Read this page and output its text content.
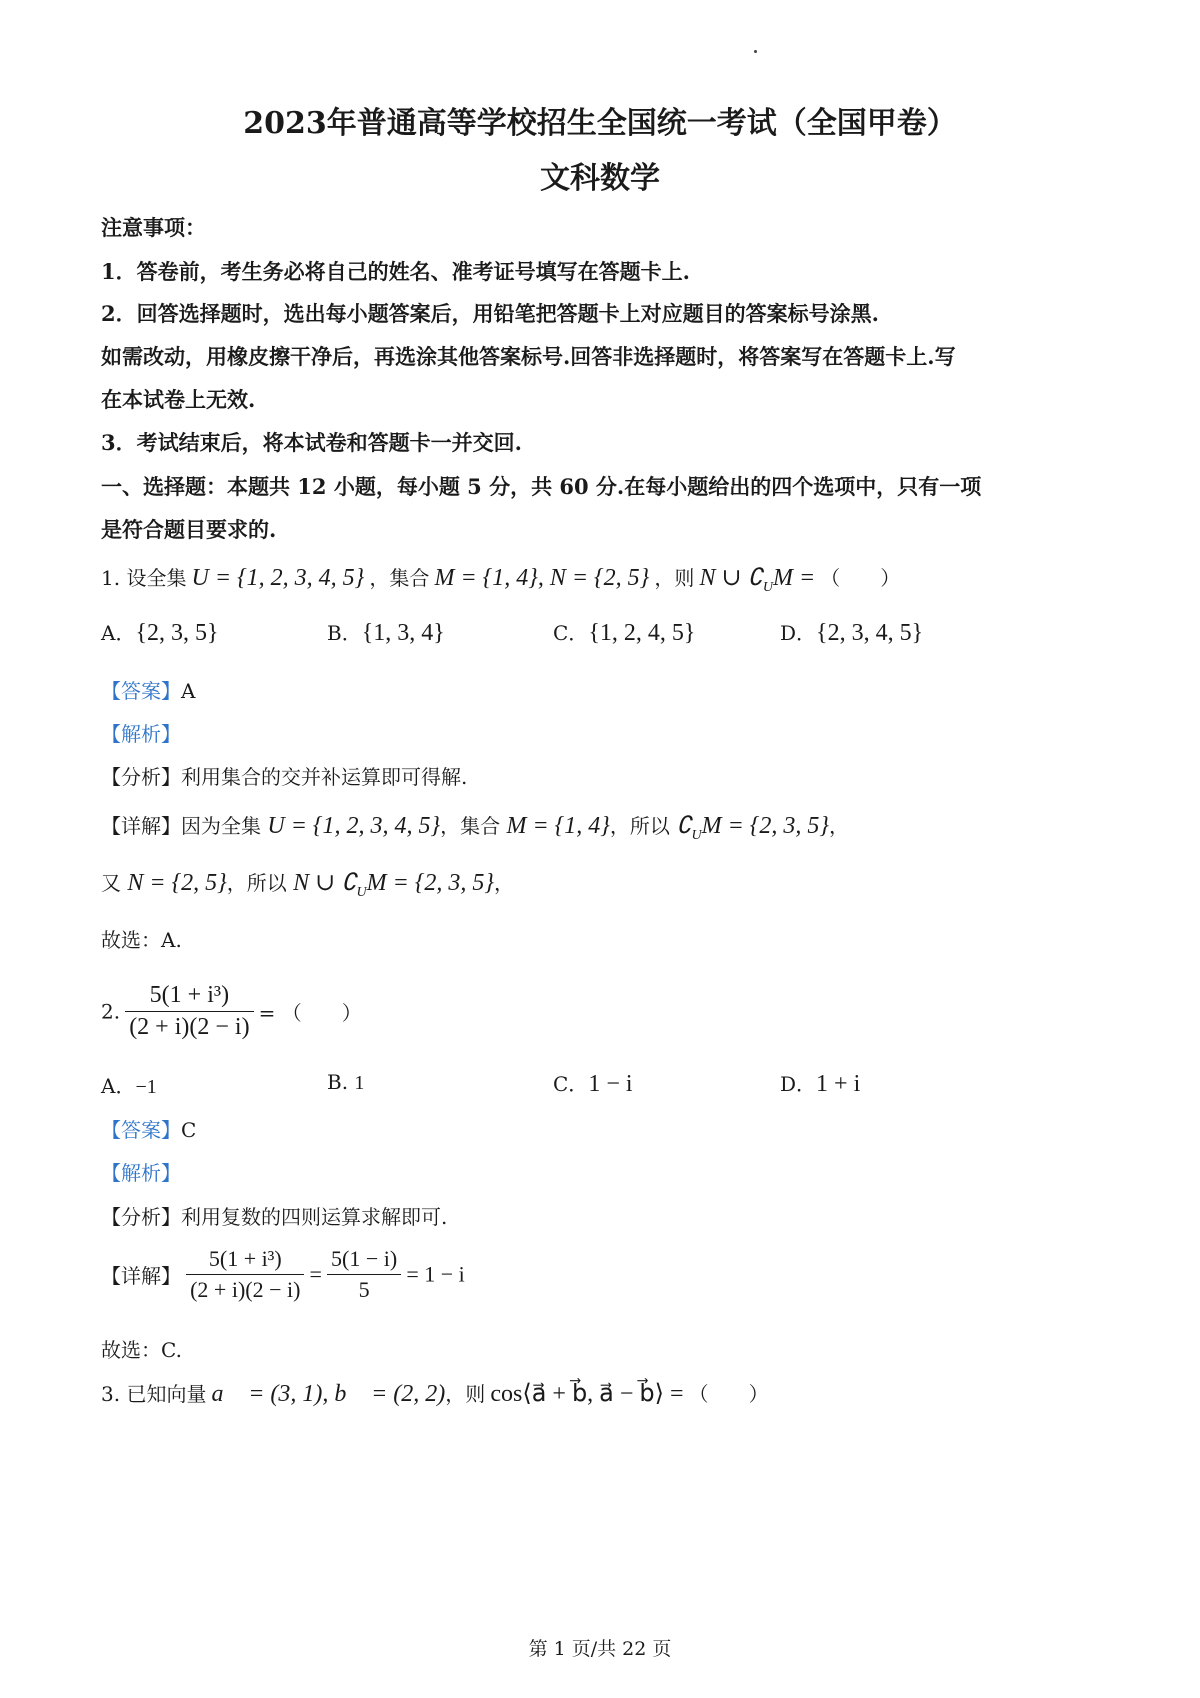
2023年普通高等学校招生全国统一考试（全国甲卷）
文科数学
注意事项：
1．答卷前，考生务必将自己的姓名、准考证号填写在答题卡上.
2．回答选择题时，选出每小题答案后，用铅笔把答题卡上对应题目的答案标号涂黑.
如需改动，用橡皮擦干净后，再选涂其他答案标号.回答非选择题时，将答案写在答题卡上.写
在本试卷上无效.
3．考试结束后，将本试卷和答题卡一并交回.
一、选择题：本题共 12 小题，每小题 5 分，共 60 分.在每小题给出的四个选项中，只有一项
是符合题目要求的.
1. 设全集 U = {1, 2, 3, 4, 5} ，集合 M = {1, 4}, N = {2, 5} ，则 N ∪ $∁_UM$ = （　　）
A．{2, 3, 5}	B．{1, 3, 4}	C．{1, 2, 4, 5}	D．{2, 3, 4, 5}
【答案】A
【解析】
【分析】利用集合的交并补运算即可得解.
【详解】因为全集 U = {1, 2, 3, 4, 5}，集合 M = {1, 4}，所以 $∁_UM = \{2$, 3, 5}，
又 N = {2, 5}，所以 N ∪ $∁_UM = \{2$, 3, 5}，
故选：A.
2. $\frac{\text{5(1 + i³)}}{(2 + i)(2 - i)}$ = （　　）
A．−1	B. 1	C．1 − i	D．1 + i
【答案】C
【解析】
【分析】利用复数的四则运算求解即可.
【详解】 $\frac{\text{5(1 + i³)}}{(2 + i)(2 - i)} = \frac{5(1 - i)}{5} = 1 - i$
故选：C.
3. 已知向量 a⃗ = (3, 1), b⃗ = (2, 2)，则 cos⟨a⃗ + b⃗, a⃗ − b⃗⟩ = （　　）
第 1 页/共 22 页
